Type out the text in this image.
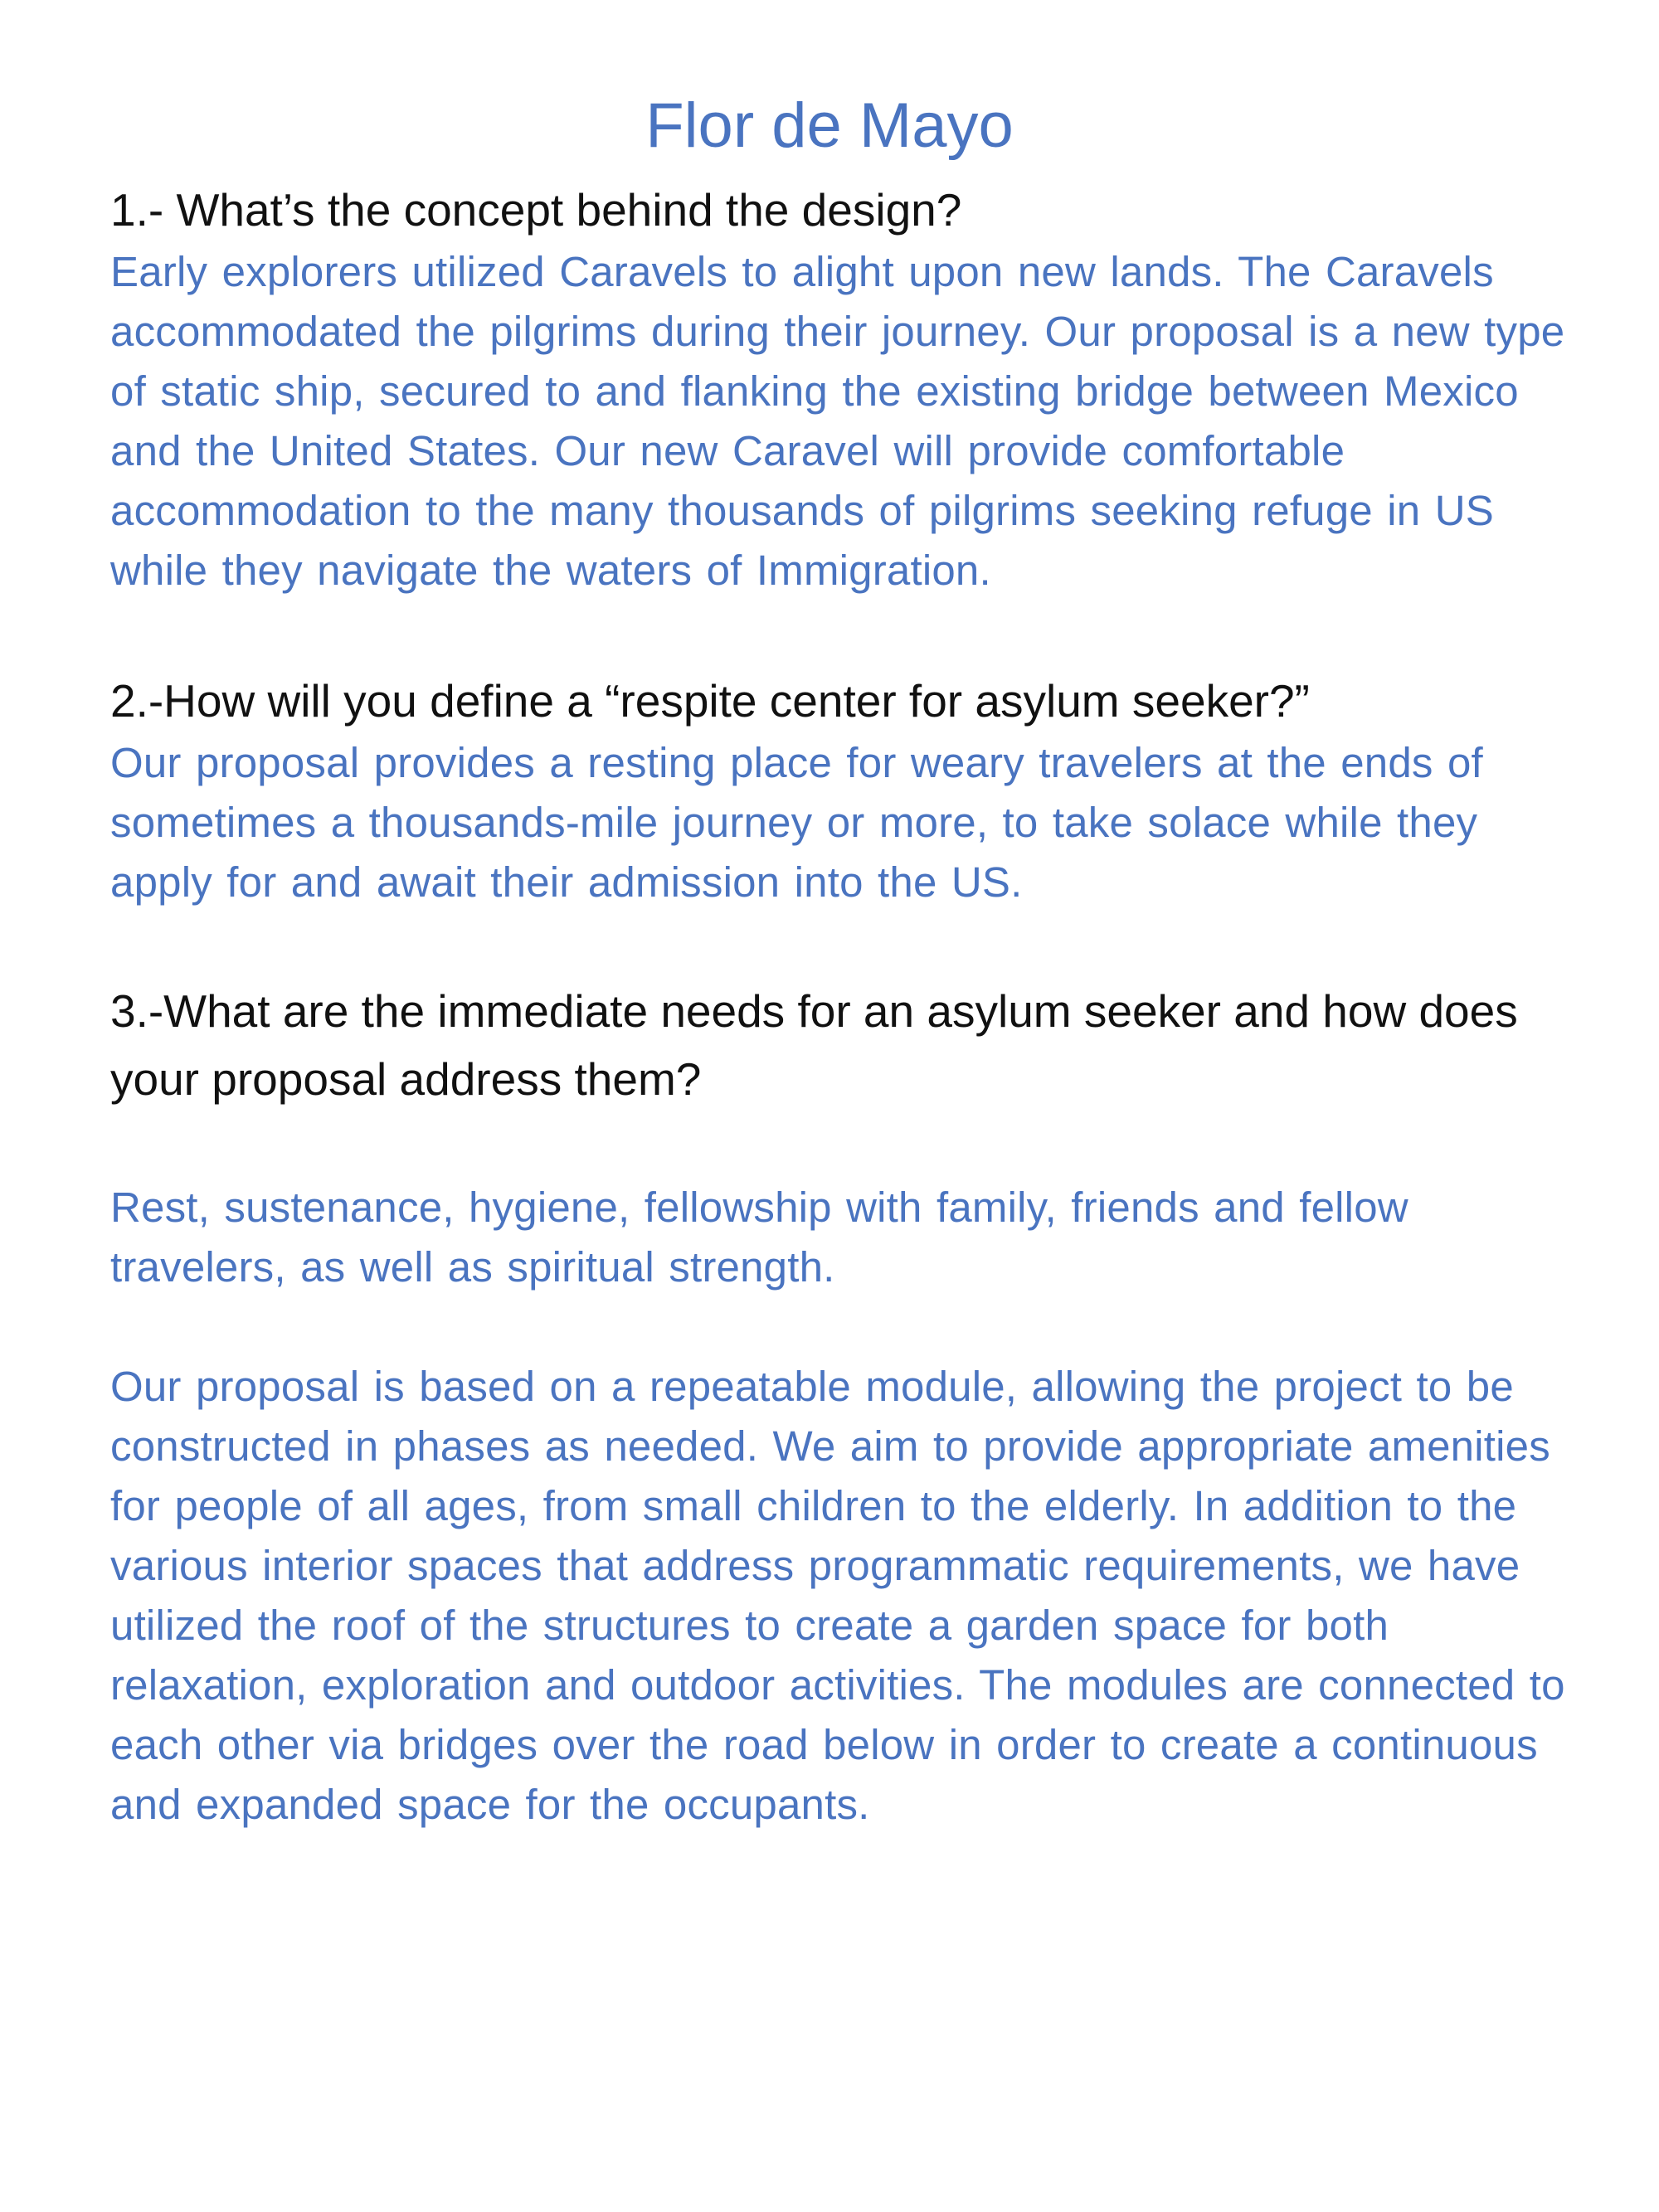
Flor de Mayo

1.- What’s the concept behind the design?

Early explorers utilized Caravels to alight upon new lands. The Caravels accommodated the pilgrims during their journey. Our proposal is a new type of static ship, secured to and flanking the existing bridge between Mexico and the United States. Our new Caravel will provide comfortable accommodation to the many thousands of pilgrims seeking refuge in US while they navigate the waters of Immigration.

2.-How will you define a “respite center for asylum seeker?”

Our proposal provides a resting place for weary travelers at the ends of sometimes a thousands-mile journey or more, to take solace while they apply for and await their admission into the US.

3.-What are the immediate needs for an asylum seeker and how does your proposal address them?

Rest, sustenance, hygiene, fellowship with family, friends and fellow travelers, as well as spiritual strength.

Our proposal is based on a repeatable module, allowing the project to be constructed in phases as needed. We aim to provide appropriate amenities for people of all ages, from small children to the elderly. In addition to the various interior spaces that address programmatic requirements, we have utilized the roof of the structures to create a garden space for both relaxation, exploration and outdoor activities. The modules are connected to each other via bridges over the road below in order to create a continuous and expanded space for the occupants.
